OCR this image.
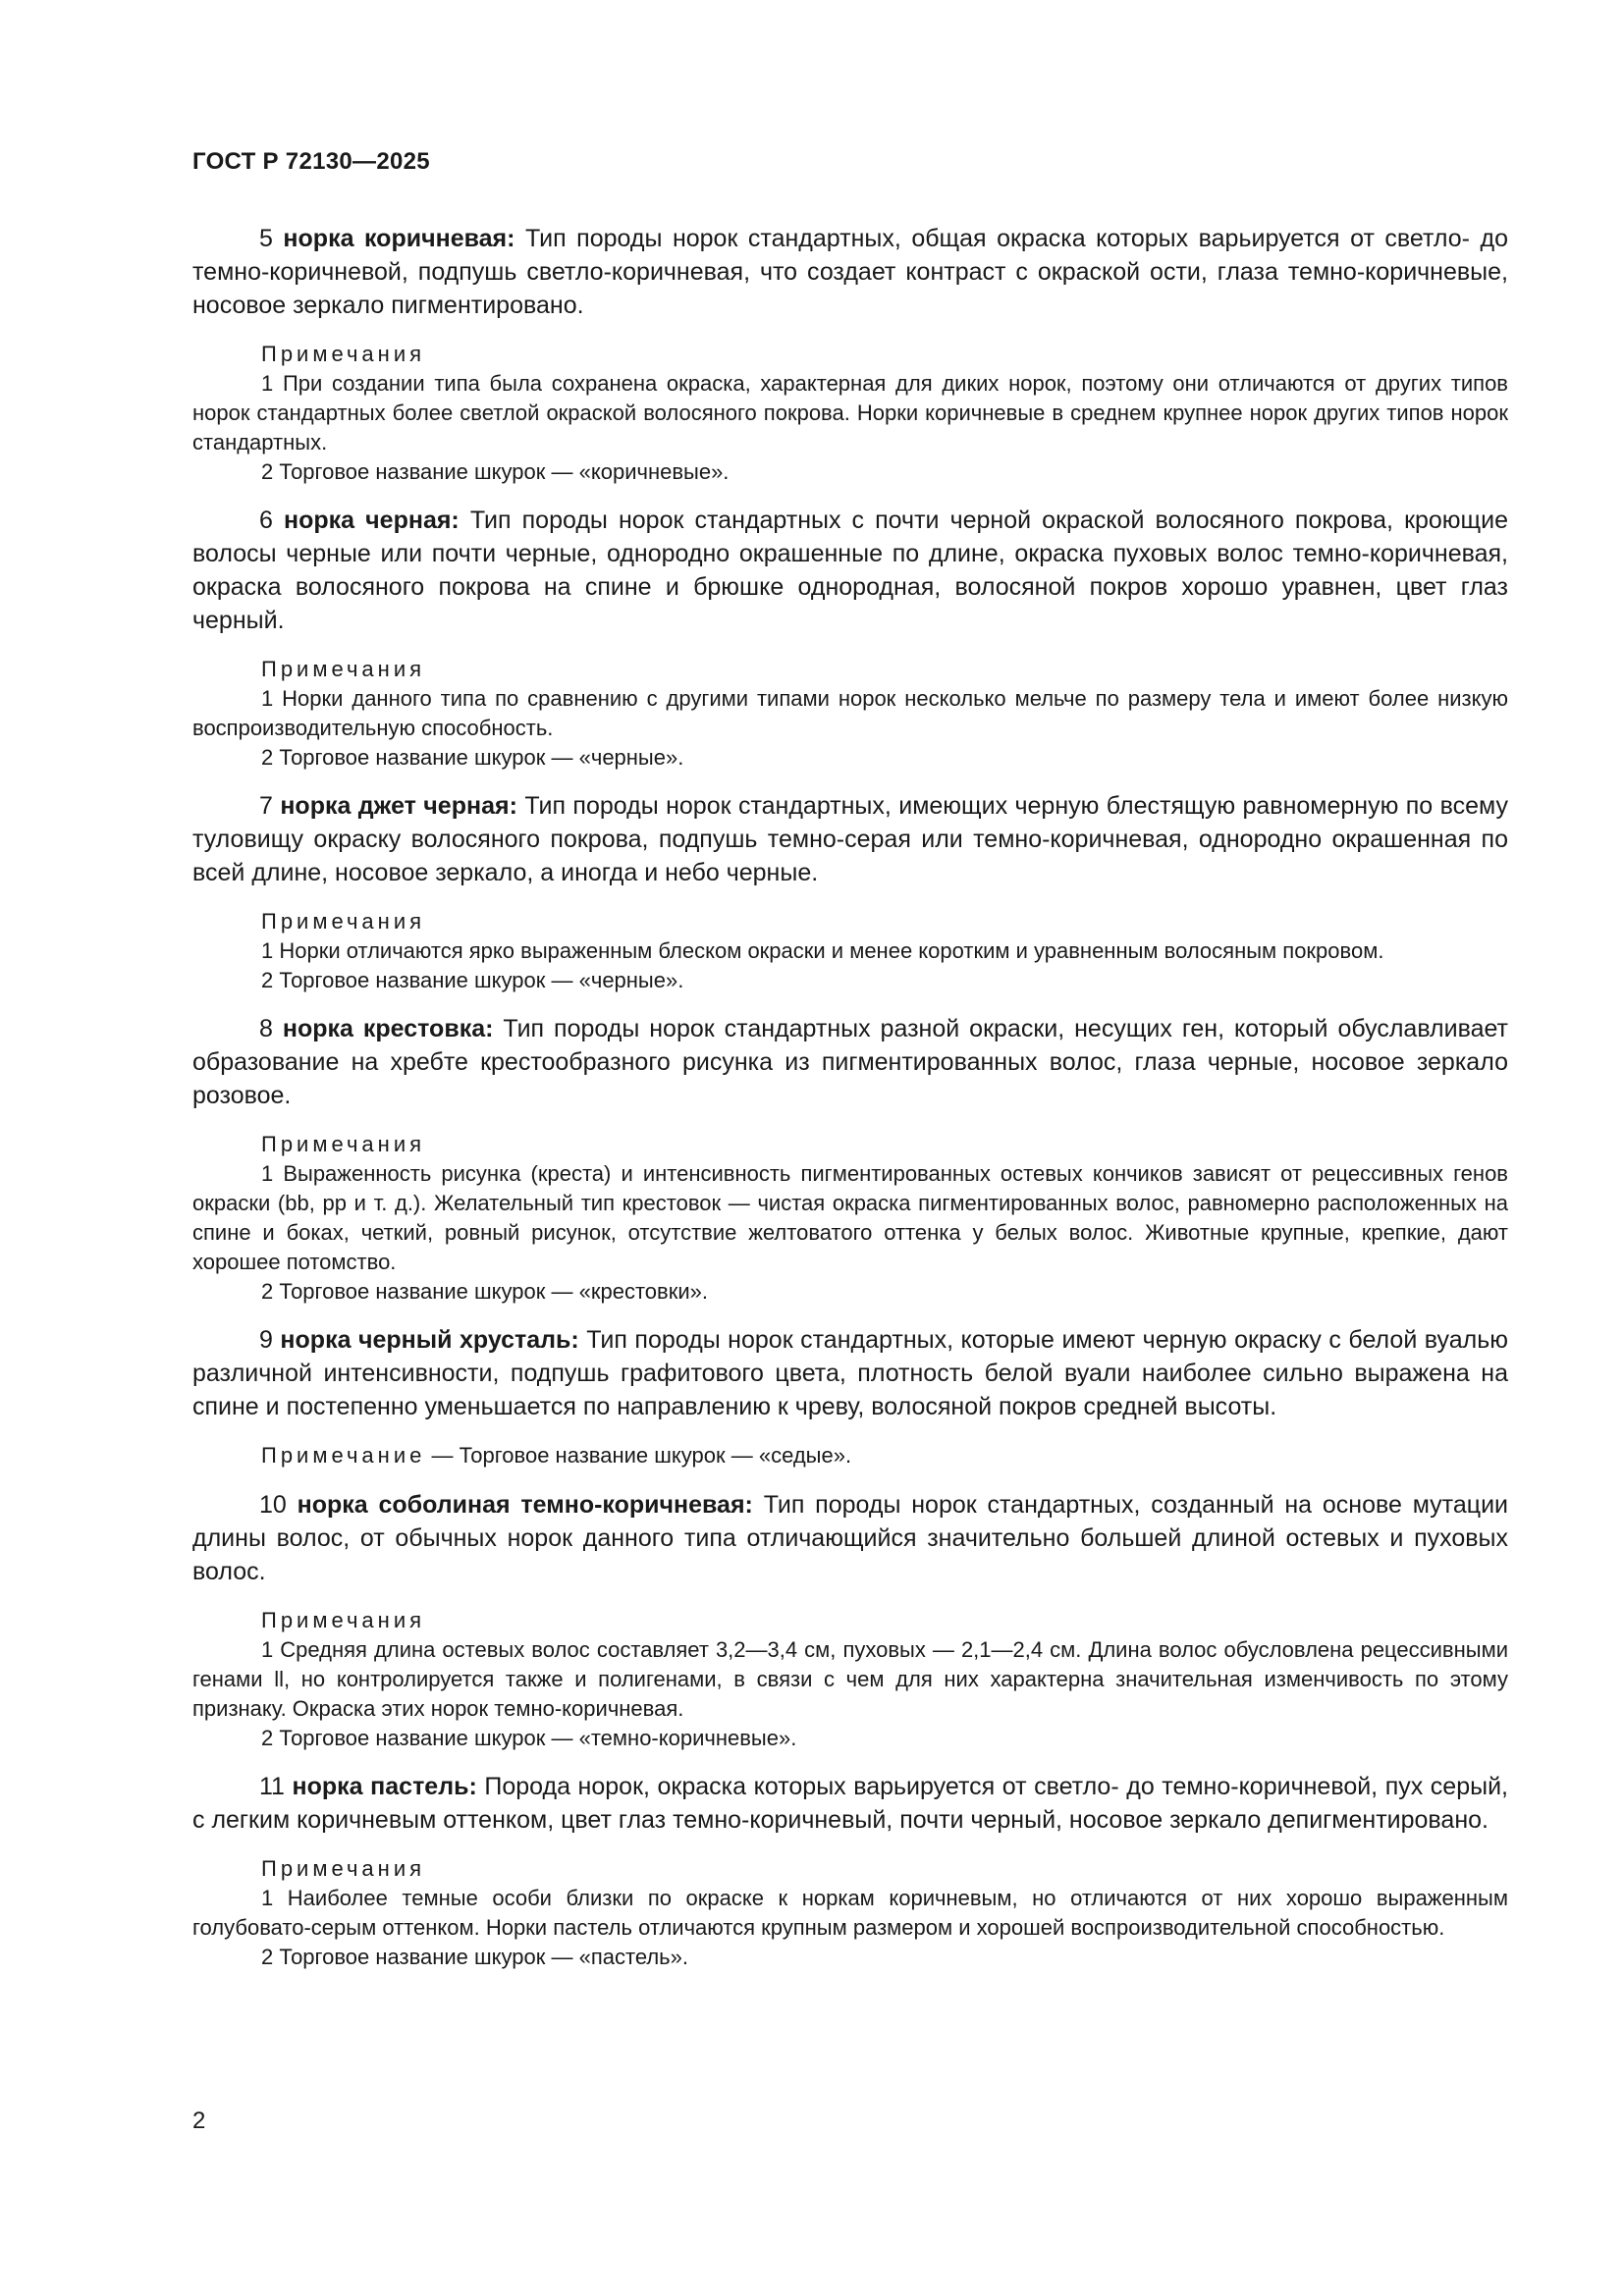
ГОСТ Р 72130—2025

5 норка коричневая: Тип породы норок стандартных, общая окраска которых варьируется от светло- до темно-коричневой, подпушь светло-коричневая, что создает контраст с окраской ости, глаза темно-коричневые, носовое зеркало пигментировано.

Примечания
1 При создании типа была сохранена окраска, характерная для диких норок, поэтому они отличаются от других типов норок стандартных более светлой окраской волосяного покрова. Норки коричневые в среднем крупнее норок других типов норок стандартных.
2 Торговое название шкурок — «коричневые».

6 норка черная: Тип породы норок стандартных с почти черной окраской волосяного покрова, кроющие волосы черные или почти черные, однородно окрашенные по длине, окраска пуховых волос темно-коричневая, окраска волосяного покрова на спине и брюшке однородная, волосяной покров хорошо уравнен, цвет глаз черный.

Примечания
1 Норки данного типа по сравнению с другими типами норок несколько мельче по размеру тела и имеют более низкую воспроизводительную способность.
2 Торговое название шкурок — «черные».

7 норка джет черная: Тип породы норок стандартных, имеющих черную блестящую равномерную по всему туловищу окраску волосяного покрова, подпушь темно-серая или темно-коричневая, однородно окрашенная по всей длине, носовое зеркало, а иногда и небо черные.

Примечания
1 Норки отличаются ярко выраженным блеском окраски и менее коротким и уравненным волосяным покровом.
2 Торговое название шкурок — «черные».

8 норка крестовка: Тип породы норок стандартных разной окраски, несущих ген, который обуславливает образование на хребте крестообразного рисунка из пигментированных волос, глаза черные, носовое зеркало розовое.

Примечания
1 Выраженность рисунка (креста) и интенсивность пигментированных остевых кончиков зависят от рецессивных генов окраски (bb, pp и т. д.). Желательный тип крестовок — чистая окраска пигментированных волос, равномерно расположенных на спине и боках, четкий, ровный рисунок, отсутствие желтоватого оттенка у белых волос. Животные крупные, крепкие, дают хорошее потомство.
2 Торговое название шкурок — «крестовки».

9 норка черный хрусталь: Тип породы норок стандартных, которые имеют черную окраску с белой вуалью различной интенсивности, подпушь графитового цвета, плотность белой вуали наиболее сильно выражена на спине и постепенно уменьшается по направлению к чреву, волосяной покров средней высоты.

Примечание — Торговое название шкурок — «седые».

10 норка соболиная темно-коричневая: Тип породы норок стандартных, созданный на основе мутации длины волос, от обычных норок данного типа отличающийся значительно большей длиной остевых и пуховых волос.

Примечания
1 Средняя длина остевых волос составляет 3,2—3,4 см, пуховых — 2,1—2,4 см. Длина волос обусловлена рецессивными генами ll, но контролируется также и полигенами, в связи с чем для них характерна значительная изменчивость по этому признаку. Окраска этих норок темно-коричневая.
2 Торговое название шкурок — «темно-коричневые».

11 норка пастель: Порода норок, окраска которых варьируется от светло- до темно-коричневой, пух серый, с легким коричневым оттенком, цвет глаз темно-коричневый, почти черный, носовое зеркало депигментировано.

Примечания
1 Наиболее темные особи близки по окраске к норкам коричневым, но отличаются от них хорошо выраженным голубовато-серым оттенком. Норки пастель отличаются крупным размером и хорошей воспроизводительной способностью.
2 Торговое название шкурок — «пастель».
2
